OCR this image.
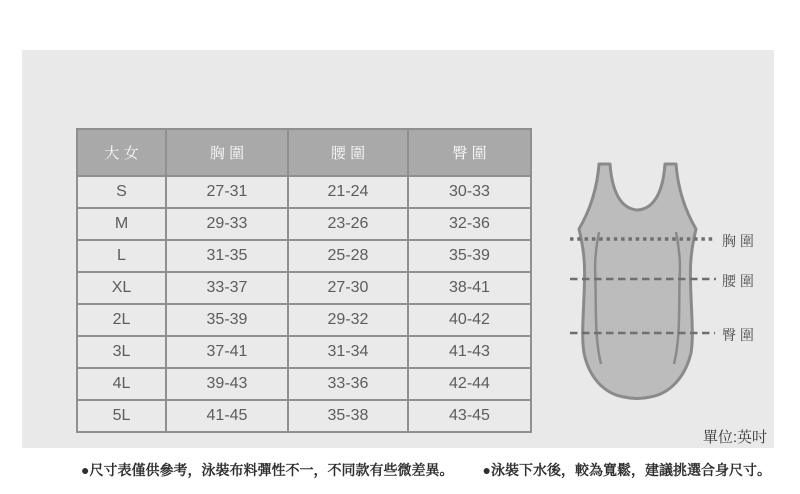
大 女	胸 圍	腰 圍	臀 圍
S	27-31	21-24	30-33
M	29-33	23-26	32-36
L	31-35	25-28	35-39
XL	33-37	27-30	38-41
2L	35-39	29-32	40-42
3L	37-41	31-34	41-43
4L	39-43	33-36	42-44
5L	41-45	35-38	43-45
胸 圍
腰 圍
臀 圍
單位:英吋
●尺寸表僅供參考，泳裝布料彈性不一，不同款有些微差異。 ●泳裝下水後，較為寬鬆，建議挑選合身尺寸。
